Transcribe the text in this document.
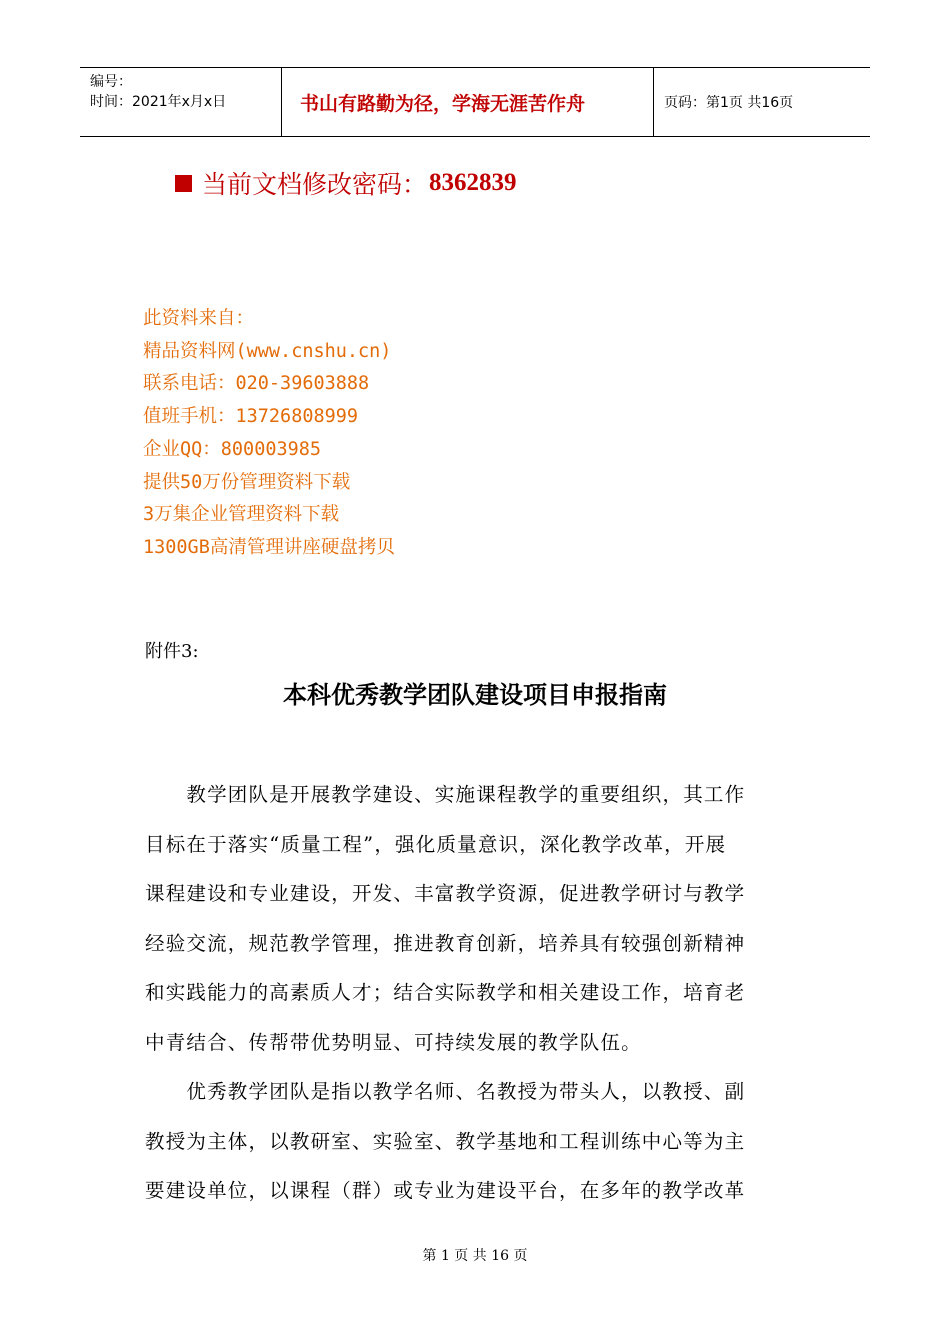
编号：
时间：2021年x月x日	书山有路勤为径，学海无涯苦作舟	页码：第1页 共16页
当前文档修改密码： 8362839
此资料来自：
精品资料网(www.cnshu.cn)
联系电话：020-39603888
值班手机：13726808999
企业QQ：800003985
提供50万份管理资料下载
3万集企业管理资料下载
1300GB高清管理讲座硬盘拷贝
附件3:
本科优秀教学团队建设项目申报指南
　　教学团队是开展教学建设、实施课程教学的重要组织，其工作
目标在于落实“质量工程”，强化质量意识，深化教学改革，开展
课程建设和专业建设，开发、丰富教学资源，促进教学研讨与教学
经验交流，规范教学管理，推进教育创新，培养具有较强创新精神
和实践能力的高素质人才；结合实际教学和相关建设工作，培育老
中青结合、传帮带优势明显、可持续发展的教学队伍。
　　优秀教学团队是指以教学名师、名教授为带头人，以教授、副
教授为主体，以教研室、实验室、教学基地和工程训练中心等为主
要建设单位，以课程（群）或专业为建设平台，在多年的教学改革
第 1 页 共 16 页
